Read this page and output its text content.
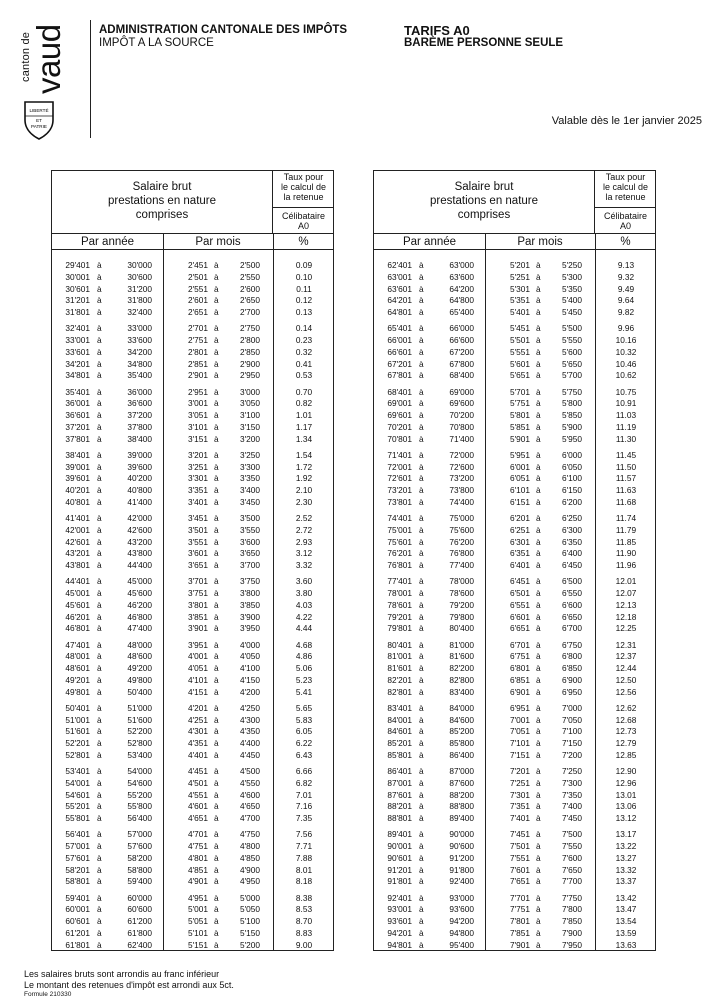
canton de
vaud
LIBERTÉ
ET
PATRIE
ADMINISTRATION CANTONALE DES IMPÔTS
IMPÔT A LA SOURCE
TARIFS A0
BARÈME PERSONNE SEULE
Valable dès le 1er janvier 2025
Salaire brut
prestations en nature
comprises
Taux pour
le calcul de
la retenue
Célibataire
A0
Par année	Par mois	%
29'401 à	30'000	2'451 à	2'500	0.09
30'001 à	30'600	2'501 à	2'550	0.10
30'601 à	31'200	2'551 à	2'600	0.11
31'201 à	31'800	2'601 à	2'650	0.12
31'801 à	32'400	2'651 à	2'700	0.13
32'401 à	33'000	2'701 à	2'750	0.14
33'001 à	33'600	2'751 à	2'800	0.23
33'601 à	34'200	2'801 à	2'850	0.32
34'201 à	34'800	2'851 à	2'900	0.41
34'801 à	35'400	2'901 à	2'950	0.53
35'401 à	36'000	2'951 à	3'000	0.70
36'001 à	36'600	3'001 à	3'050	0.82
36'601 à	37'200	3'051 à	3'100	1.01
37'201 à	37'800	3'101 à	3'150	1.17
37'801 à	38'400	3'151 à	3'200	1.34
38'401 à	39'000	3'201 à	3'250	1.54
39'001 à	39'600	3'251 à	3'300	1.72
39'601 à	40'200	3'301 à	3'350	1.92
40'201 à	40'800	3'351 à	3'400	2.10
40'801 à	41'400	3'401 à	3'450	2.30
41'401 à	42'000	3'451 à	3'500	2.52
42'001 à	42'600	3'501 à	3'550	2.72
42'601 à	43'200	3'551 à	3'600	2.93
43'201 à	43'800	3'601 à	3'650	3.12
43'801 à	44'400	3'651 à	3'700	3.32
44'401 à	45'000	3'701 à	3'750	3.60
45'001 à	45'600	3'751 à	3'800	3.80
45'601 à	46'200	3'801 à	3'850	4.03
46'201 à	46'800	3'851 à	3'900	4.22
46'801 à	47'400	3'901 à	3'950	4.44
47'401 à	48'000	3'951 à	4'000	4.68
48'001 à	48'600	4'001 à	4'050	4.86
48'601 à	49'200	4'051 à	4'100	5.06
49'201 à	49'800	4'101 à	4'150	5.23
49'801 à	50'400	4'151 à	4'200	5.41
50'401 à	51'000	4'201 à	4'250	5.65
51'001 à	51'600	4'251 à	4'300	5.83
51'601 à	52'200	4'301 à	4'350	6.05
52'201 à	52'800	4'351 à	4'400	6.22
52'801 à	53'400	4'401 à	4'450	6.43
53'401 à	54'000	4'451 à	4'500	6.66
54'001 à	54'600	4'501 à	4'550	6.82
54'601 à	55'200	4'551 à	4'600	7.01
55'201 à	55'800	4'601 à	4'650	7.16
55'801 à	56'400	4'651 à	4'700	7.35
56'401 à	57'000	4'701 à	4'750	7.56
57'001 à	57'600	4'751 à	4'800	7.71
57'601 à	58'200	4'801 à	4'850	7.88
58'201 à	58'800	4'851 à	4'900	8.01
58'801 à	59'400	4'901 à	4'950	8.18
59'401 à	60'000	4'951 à	5'000	8.38
60'001 à	60'600	5'001 à	5'050	8.53
60'601 à	61'200	5'051 à	5'100	8.70
61'201 à	61'800	5'101 à	5'150	8.83
61'801 à	62'400	5'151 à	5'200	9.00
Salaire brut
prestations en nature
comprises
Taux pour
le calcul de
la retenue
Célibataire
A0
Par année	Par mois	%
62'401 à	63'000	5'201 à	5'250	9.13
63'001 à	63'600	5'251 à	5'300	9.32
63'601 à	64'200	5'301 à	5'350	9.49
64'201 à	64'800	5'351 à	5'400	9.64
64'801 à	65'400	5'401 à	5'450	9.82
65'401 à	66'000	5'451 à	5'500	9.96
66'001 à	66'600	5'501 à	5'550	10.16
66'601 à	67'200	5'551 à	5'600	10.32
67'201 à	67'800	5'601 à	5'650	10.46
67'801 à	68'400	5'651 à	5'700	10.62
68'401 à	69'000	5'701 à	5'750	10.75
69'001 à	69'600	5'751 à	5'800	10.91
69'601 à	70'200	5'801 à	5'850	11.03
70'201 à	70'800	5'851 à	5'900	11.19
70'801 à	71'400	5'901 à	5'950	11.30
71'401 à	72'000	5'951 à	6'000	11.45
72'001 à	72'600	6'001 à	6'050	11.50
72'601 à	73'200	6'051 à	6'100	11.57
73'201 à	73'800	6'101 à	6'150	11.63
73'801 à	74'400	6'151 à	6'200	11.68
74'401 à	75'000	6'201 à	6'250	11.74
75'001 à	75'600	6'251 à	6'300	11.79
75'601 à	76'200	6'301 à	6'350	11.85
76'201 à	76'800	6'351 à	6'400	11.90
76'801 à	77'400	6'401 à	6'450	11.96
77'401 à	78'000	6'451 à	6'500	12.01
78'001 à	78'600	6'501 à	6'550	12.07
78'601 à	79'200	6'551 à	6'600	12.13
79'201 à	79'800	6'601 à	6'650	12.18
79'801 à	80'400	6'651 à	6'700	12.25
80'401 à	81'000	6'701 à	6'750	12.31
81'001 à	81'600	6'751 à	6'800	12.37
81'601 à	82'200	6'801 à	6'850	12.44
82'201 à	82'800	6'851 à	6'900	12.50
82'801 à	83'400	6'901 à	6'950	12.56
83'401 à	84'000	6'951 à	7'000	12.62
84'001 à	84'600	7'001 à	7'050	12.68
84'601 à	85'200	7'051 à	7'100	12.73
85'201 à	85'800	7'101 à	7'150	12.79
85'801 à	86'400	7'151 à	7'200	12.85
86'401 à	87'000	7'201 à	7'250	12.90
87'001 à	87'600	7'251 à	7'300	12.96
87'601 à	88'200	7'301 à	7'350	13.01
88'201 à	88'800	7'351 à	7'400	13.06
88'801 à	89'400	7'401 à	7'450	13.12
89'401 à	90'000	7'451 à	7'500	13.17
90'001 à	90'600	7'501 à	7'550	13.22
90'601 à	91'200	7'551 à	7'600	13.27
91'201 à	91'800	7'601 à	7'650	13.32
91'801 à	92'400	7'651 à	7'700	13.37
92'401 à	93'000	7'701 à	7'750	13.42
93'001 à	93'600	7'751 à	7'800	13.47
93'601 à	94'200	7'801 à	7'850	13.54
94'201 à	94'800	7'851 à	7'900	13.59
94'801 à	95'400	7'901 à	7'950	13.63
Les salaires bruts sont arrondis au franc inférieur
Le montant des retenues d'impôt est arrondi aux 5ct.
Formule 210330
